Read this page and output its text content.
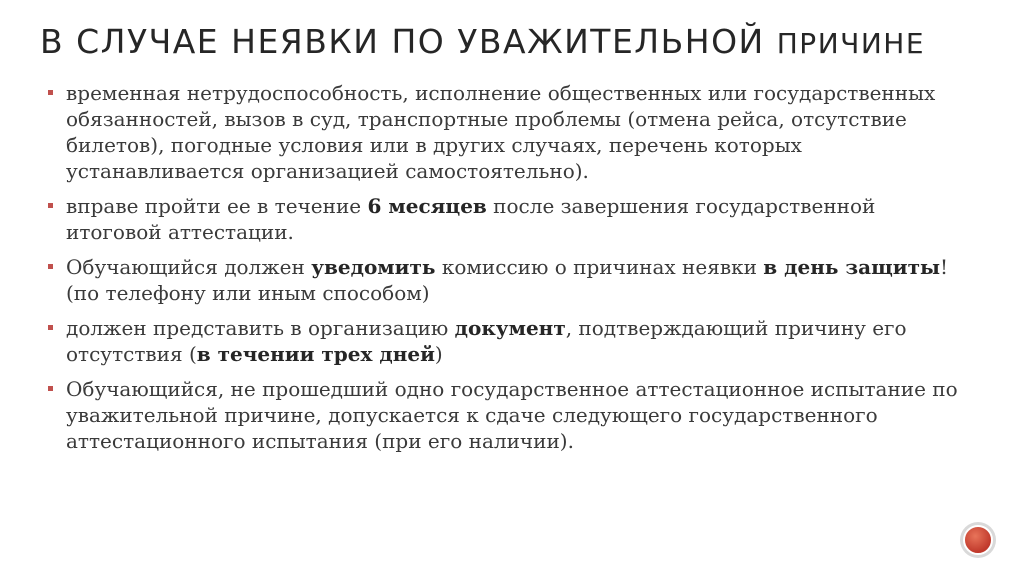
В СЛУЧАЕ НЕЯВКИ ПО УВАЖИТЕЛЬНОЙ ПРИЧИНЕ
временная нетрудоспособность, исполнение общественных или государственных обязанностей, вызов в суд, транспортные проблемы (отмена рейса, отсутствие билетов), погодные условия или в других случаях, перечень которых устанавливается организацией самостоятельно).
вправе пройти ее в течение 6 месяцев после завершения государственной итоговой аттестации.
Обучающийся должен уведомить комиссию о причинах неявки в день защиты! (по телефону или иным способом)
должен представить в организацию документ, подтверждающий причину его отсутствия (в течении трех дней)
Обучающийся, не прошедший одно государственное аттестационное испытание по уважительной причине, допускается к сдаче следующего государственного аттестационного испытания (при его наличии).
